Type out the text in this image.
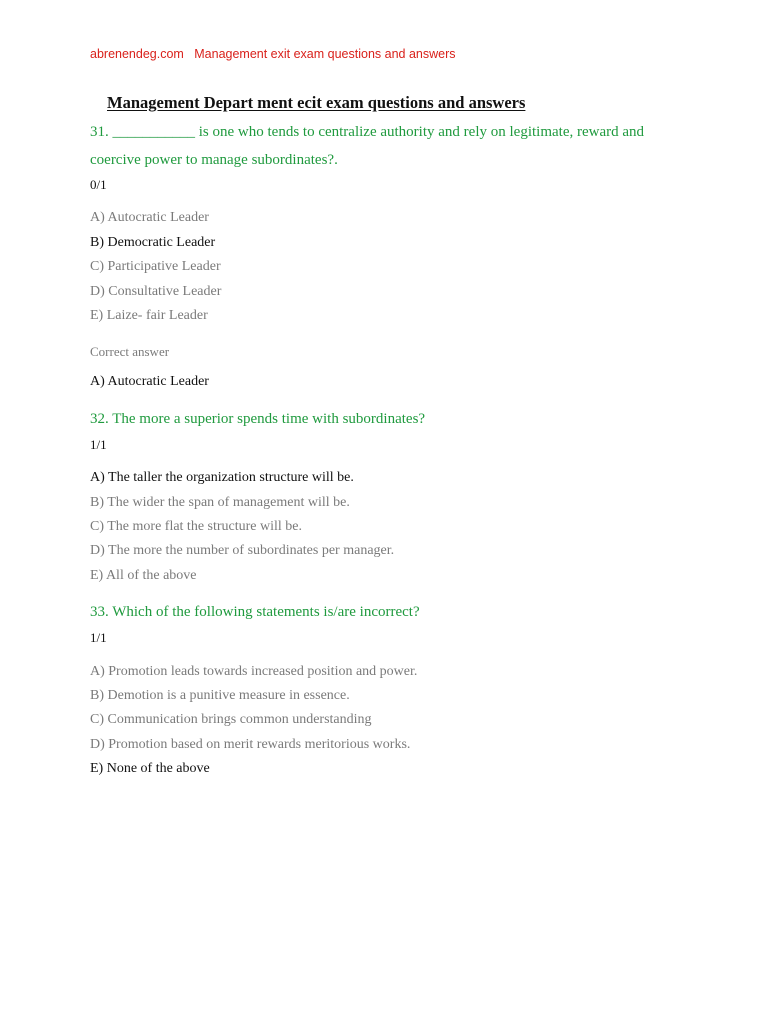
abrenendeg.com Management exit exam questions and answers
Management Depart ment ecit exam questions and answers
31. ___________ is one who tends to centralize authority and rely on legitimate, reward and
coercive power to manage subordinates?.
0/1
A) Autocratic Leader
B) Democratic Leader
C) Participative Leader
D) Consultative Leader
E) Laize- fair Leader
Correct answer
A) Autocratic Leader
32. The more a superior spends time with subordinates?
1/1
A) The taller the organization structure will be.
B) The wider the span of management will be.
C) The more flat the structure will be.
D) The more the number of subordinates per manager.
E) All of the above
33. Which of the following statements is/are incorrect?
1/1
A) Promotion leads towards increased position and power.
B) Demotion is a punitive measure in essence.
C) Communication brings common understanding
D) Promotion based on merit rewards meritorious works.
E) None of the above
